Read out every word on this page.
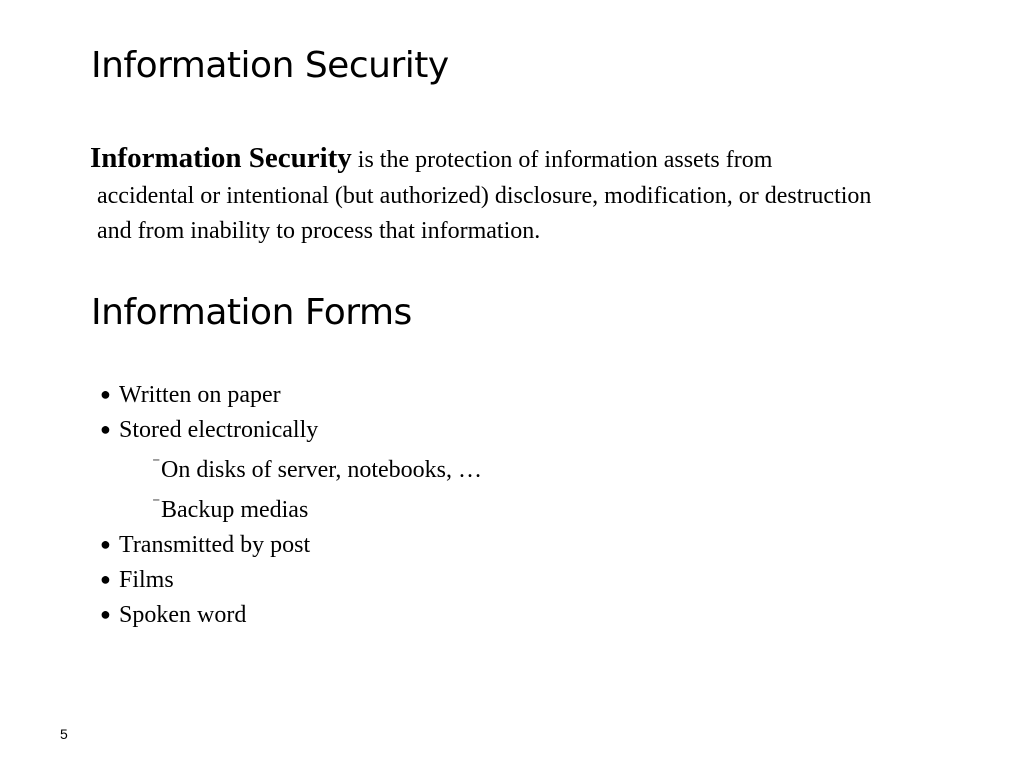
Information Security

Information Security is the protection of information assets from
accidental or intentional (but authorized) disclosure, modification, or destruction
and from inability to process that information.

Information Forms
● Written on paper
● Stored electronically
⁻On disks of server, notebooks, …
⁻Backup medias
● Transmitted by post
● Films
● Spoken word
5
